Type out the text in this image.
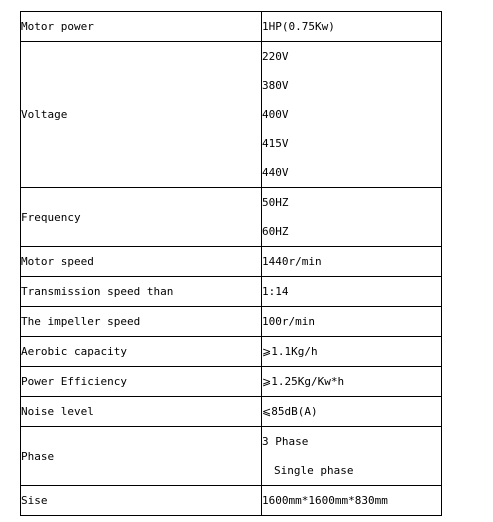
Motor power	1HP(0.75Kw)

Voltage	220V
380V
400V
415V
440V

Frequency	50HZ
60HZ

Motor speed	1440r/min

Transmission speed than	1:14

The impeller speed	100r/min

Aerobic capacity	⩾1.1Kg/h

Power Efficiency	⩾1.25Kg/Kw*h

Noise level	⩽85dB(A)

Phase	3 Phase
Single phase

Sise	1600mm*1600mm*830mm
